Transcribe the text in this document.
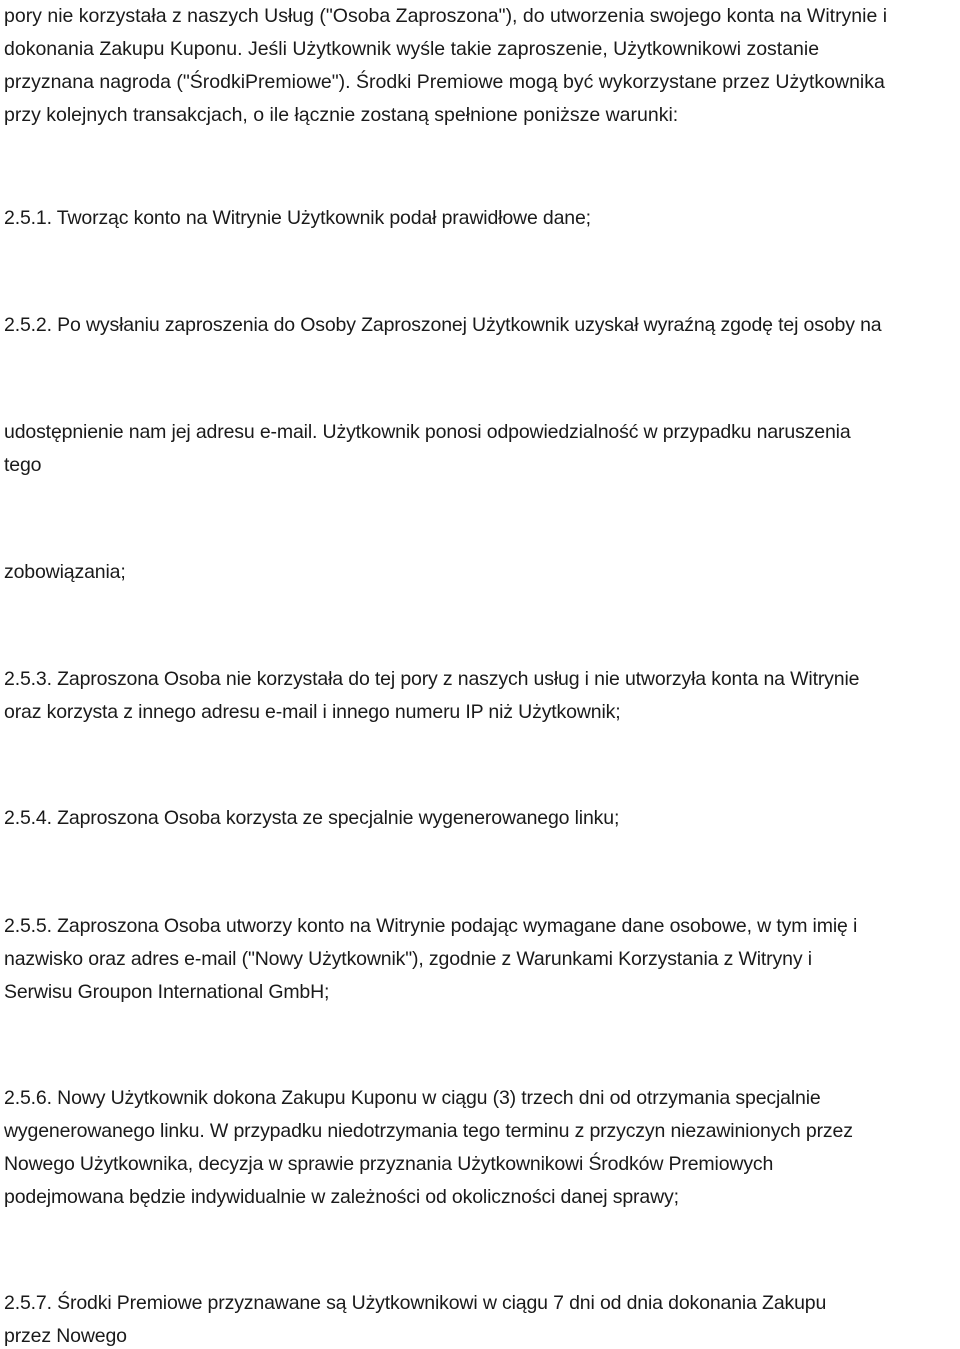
pory nie korzystała z naszych Usług ("Osoba Zaproszona"), do utworzenia swojego konta na Witrynie i

dokonania Zakupu Kuponu. Jeśli Użytkownik wyśle takie zaproszenie, Użytkownikowi zostanie

przyznana nagroda ("ŚrodkiPremiowe"). Środki Premiowe mogą być wykorzystane przez Użytkownika

przy kolejnych transakcjach, o ile łącznie zostaną spełnione poniższe warunki:

2.5.1. Tworząc konto na Witrynie Użytkownik podał prawidłowe dane;

2.5.2. Po wysłaniu zaproszenia do Osoby Zaproszonej Użytkownik uzyskał wyraźną zgodę tej osoby na

udostępnienie nam jej adresu e-mail. Użytkownik ponosi odpowiedzialność w przypadku naruszenia

tego

zobowiązania;

2.5.3. Zaproszona Osoba nie korzystała do tej pory z naszych usług i nie utworzyła konta na Witrynie

oraz korzysta z innego adresu e-mail i innego numeru IP niż Użytkownik;

2.5.4. Zaproszona Osoba korzysta ze specjalnie wygenerowanego linku;

2.5.5. Zaproszona Osoba utworzy konto na Witrynie podając wymagane dane osobowe, w tym imię i

nazwisko oraz adres e-mail ("Nowy Użytkownik"), zgodnie z Warunkami Korzystania z Witryny i

Serwisu Groupon International GmbH;

2.5.6. Nowy Użytkownik dokona Zakupu Kuponu w ciągu (3) trzech dni od otrzymania specjalnie

wygenerowanego linku. W przypadku niedotrzymania tego terminu z przyczyn niezawinionych przez

Nowego Użytkownika, decyzja w sprawie przyznania Użytkownikowi Środków Premiowych

podejmowana będzie indywidualnie w zależności od okoliczności danej sprawy;

2.5.7. Środki Premiowe przyznawane są Użytkownikowi w ciągu 7 dni od dnia dokonania Zakupu

przez Nowego
